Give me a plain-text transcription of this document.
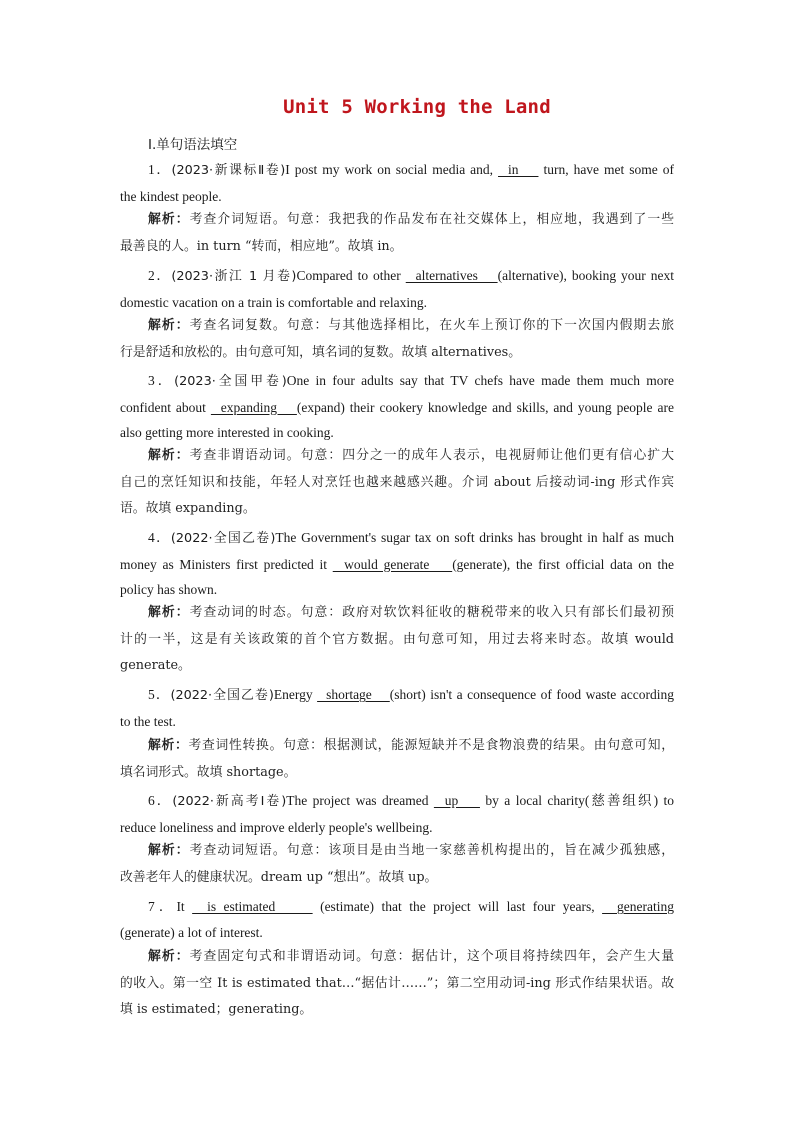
Unit 5 Working the Land
Ⅰ.单句语法填空
1．(2023·新课标Ⅱ卷)I post my work on social media and,   in     turn, have met some of
the kindest people.
解析：考查介词短语。句意：我把我的作品发布在社交媒体上，相应地，我遇到了一些
最善良的人。in turn “转而，相应地”。故填 in。
2．(2023·浙江 1 月卷)Compared to other   alternatives    (alternative), booking your next
domestic vacation on a train is comfortable and relaxing.
解析：考查名词复数。句意：与其他选择相比，在火车上预订你的下一次国内假期去旅
行是舒适和放松的。由句意可知，填名词的复数。故填 alternatives。
3．(2023·全国甲卷)One in four adults say that TV chefs have made them much more
confident about   expanding    (expand) their cookery knowledge and skills, and young people are
also getting more interested in cooking.
解析：考查非谓语动词。句意：四分之一的成年人表示，电视厨师让他们更有信心扩大
自己的烹饪知识和技能，年轻人对烹饪也越来越感兴趣。介词 about 后接动词-ing 形式作宾
语。故填 expanding。
4．(2022·全国乙卷)The Government's sugar tax on soft drinks has brought in half as much
money as Ministers first predicted it   would generate    (generate), the first official data on the
policy has shown.
解析：考查动词的时态。句意：政府对软饮料征收的糖税带来的收入只有部长们最初预
计的一半，这是有关该政策的首个官方数据。由句意可知，用过去将来时态。故填 would
generate。
5．(2022·全国乙卷)Energy   shortage    (short) isn't a consequence of food waste according
to the test.
解析：考查词性转换。句意：根据测试，能源短缺并不是食物浪费的结果。由句意可知，
填名词形式。故填 shortage。
6．(2022·新高考Ⅰ卷)The project was dreamed   up     by a local charity(慈善组织) to
reduce loneliness and improve elderly people's wellbeing.
解析：考查动词短语。句意：该项目是由当地一家慈善机构提出的，旨在减少孤独感，
改善老年人的健康状况。dream up “想出”。故填 up。
7．It   is estimated      (estimate) that the project will last four years,   generating
(generate) a lot of interest.
解析：考查固定句式和非谓语动词。句意：据估计，这个项目将持续四年，会产生大量
的收入。第一空 It is estimated that…“据估计……”；第二空用动词-ing 形式作结果状语。故
填 is estimated；generating。
